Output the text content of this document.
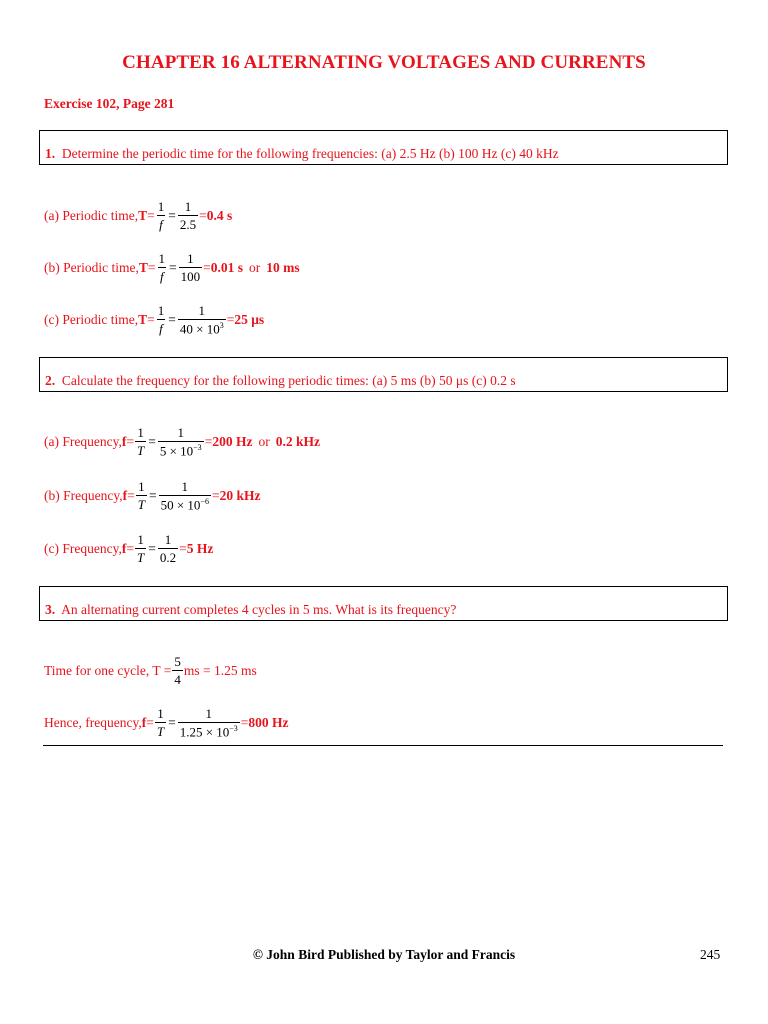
CHAPTER 16 ALTERNATING VOLTAGES AND CURRENTS
Exercise 102, Page 281
1. Determine the periodic time for the following frequencies: (a) 2.5 Hz (b) 100 Hz (c) 40 kHz
(a) Periodic time, $T = \frac{1}{f} = \frac{1}{2.5} = 0.4$ s
(b) Periodic time, $T = \frac{1}{f} = \frac{1}{100} = 0.01$ s or 10 ms
(c) Periodic time, $T = \frac{1}{f} = \frac{1}{40 \times 10^3} = 25$ μs
2. Calculate the frequency for the following periodic times: (a) 5 ms (b) 50 μs (c) 0.2 s
(a) Frequency, $f = \frac{1}{T} = \frac{1}{5 \times 10^{-3}} = 200$ Hz or 0.2 kHz
(b) Frequency, $f = \frac{1}{T} = \frac{1}{50 \times 10^{-6}} = 20$ kHz
(c) Frequency, $f = \frac{1}{T} = \frac{1}{0.2} = 5$ Hz
3. An alternating current completes 4 cycles in 5 ms. What is its frequency?
Time for one cycle, $T = \frac{5}{4}$ ms = 1.25 ms
Hence, frequency, $f = \frac{1}{T} = \frac{1}{1.25 \times 10^{-3}} = 800$ Hz
© John Bird Published by Taylor and Francis	245
